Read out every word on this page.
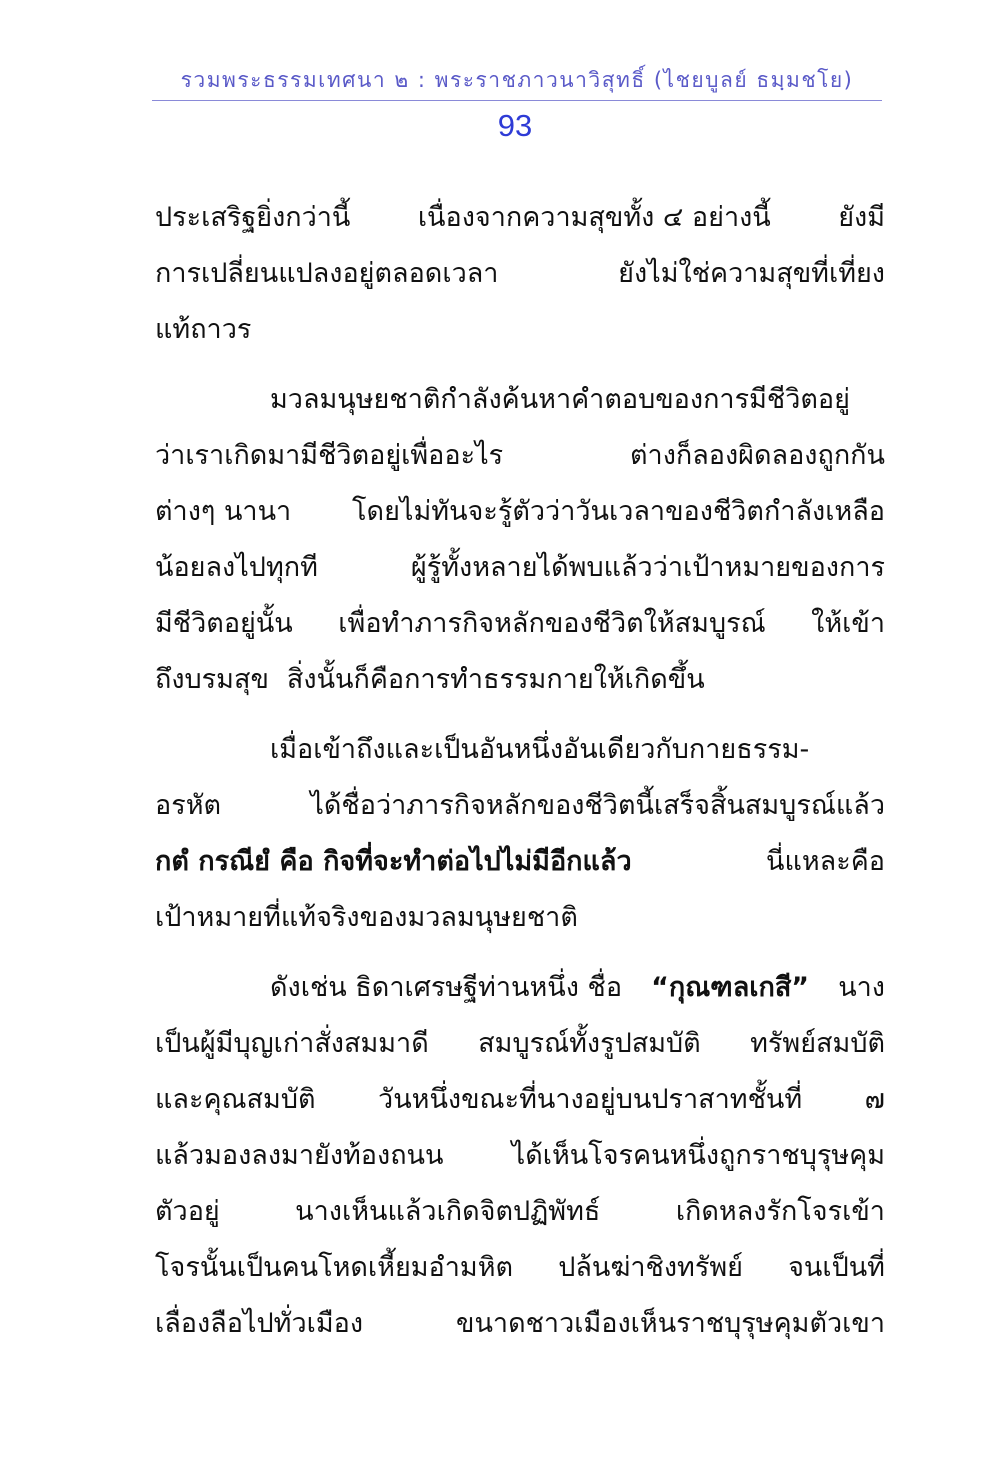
รวมพระธรรมเทศนา ๒ : พระราชภาวนาวิสุทธิ์ (ไชยบูลย์ ธมฺมชโย)
93
ประเสริฐยิ่งกว่านี้ เนื่องจากความสุขทั้ง ๔ อย่างนี้ ยังมี
การเปลี่ยนแปลงอยู่ตลอดเวลา	ยังไม่ใช่ความสุขที่เที่ยง
แท้ถาวร
มวลมนุษยชาติกำลังค้นหาคำตอบของการมีชีวิตอยู่
ว่าเราเกิดมามีชีวิตอยู่เพื่ออะไร	ต่างก็ลองผิดลองถูกกัน
ต่างๆ นานา โดยไม่ทันจะรู้ตัวว่าวันเวลาของชีวิตกำลังเหลือ
น้อยลงไปทุกที	ผู้รู้ทั้งหลายได้พบแล้วว่าเป้าหมายของการ
มีชีวิตอยู่นั้น เพื่อทำภารกิจหลักของชีวิตให้สมบูรณ์ ให้เข้า
ถึงบรมสุข สิ่งนั้นก็คือการทำธรรมกายให้เกิดขึ้น
เมื่อเข้าถึงและเป็นอันหนึ่งอันเดียวกับกายธรรม-
อรหัต	ได้ชื่อว่าภารกิจหลักของชีวิตนี้เสร็จสิ้นสมบูรณ์แล้ว
กตํ กรณียํ คือ กิจที่จะทำต่อไปไม่มีอีกแล้ว	นี่แหละคือ
เป้าหมายที่แท้จริงของมวลมนุษยชาติ
ดังเช่น ธิดาเศรษฐีท่านหนึ่ง ชื่อ “กุณฑลเกสี” นาง
เป็นผู้มีบุญเก่าสั่งสมมาดี สมบูรณ์ทั้งรูปสมบัติ ทรัพย์สมบัติ
และคุณสมบัติ วันหนึ่งขณะที่นางอยู่บนปราสาทชั้นที่ ๗
แล้วมองลงมายังท้องถนน	ได้เห็นโจรคนหนึ่งถูกราชบุรุษคุม
ตัวอยู่	นางเห็นแล้วเกิดจิตปฏิพัทธ์	เกิดหลงรักโจรเข้า
โจรนั้นเป็นคนโหดเหี้ยมอำมหิต ปล้นฆ่าชิงทรัพย์ จนเป็นที่
เลื่องลือไปทั่วเมือง	ขนาดชาวเมืองเห็นราชบุรุษคุมตัวเขา
